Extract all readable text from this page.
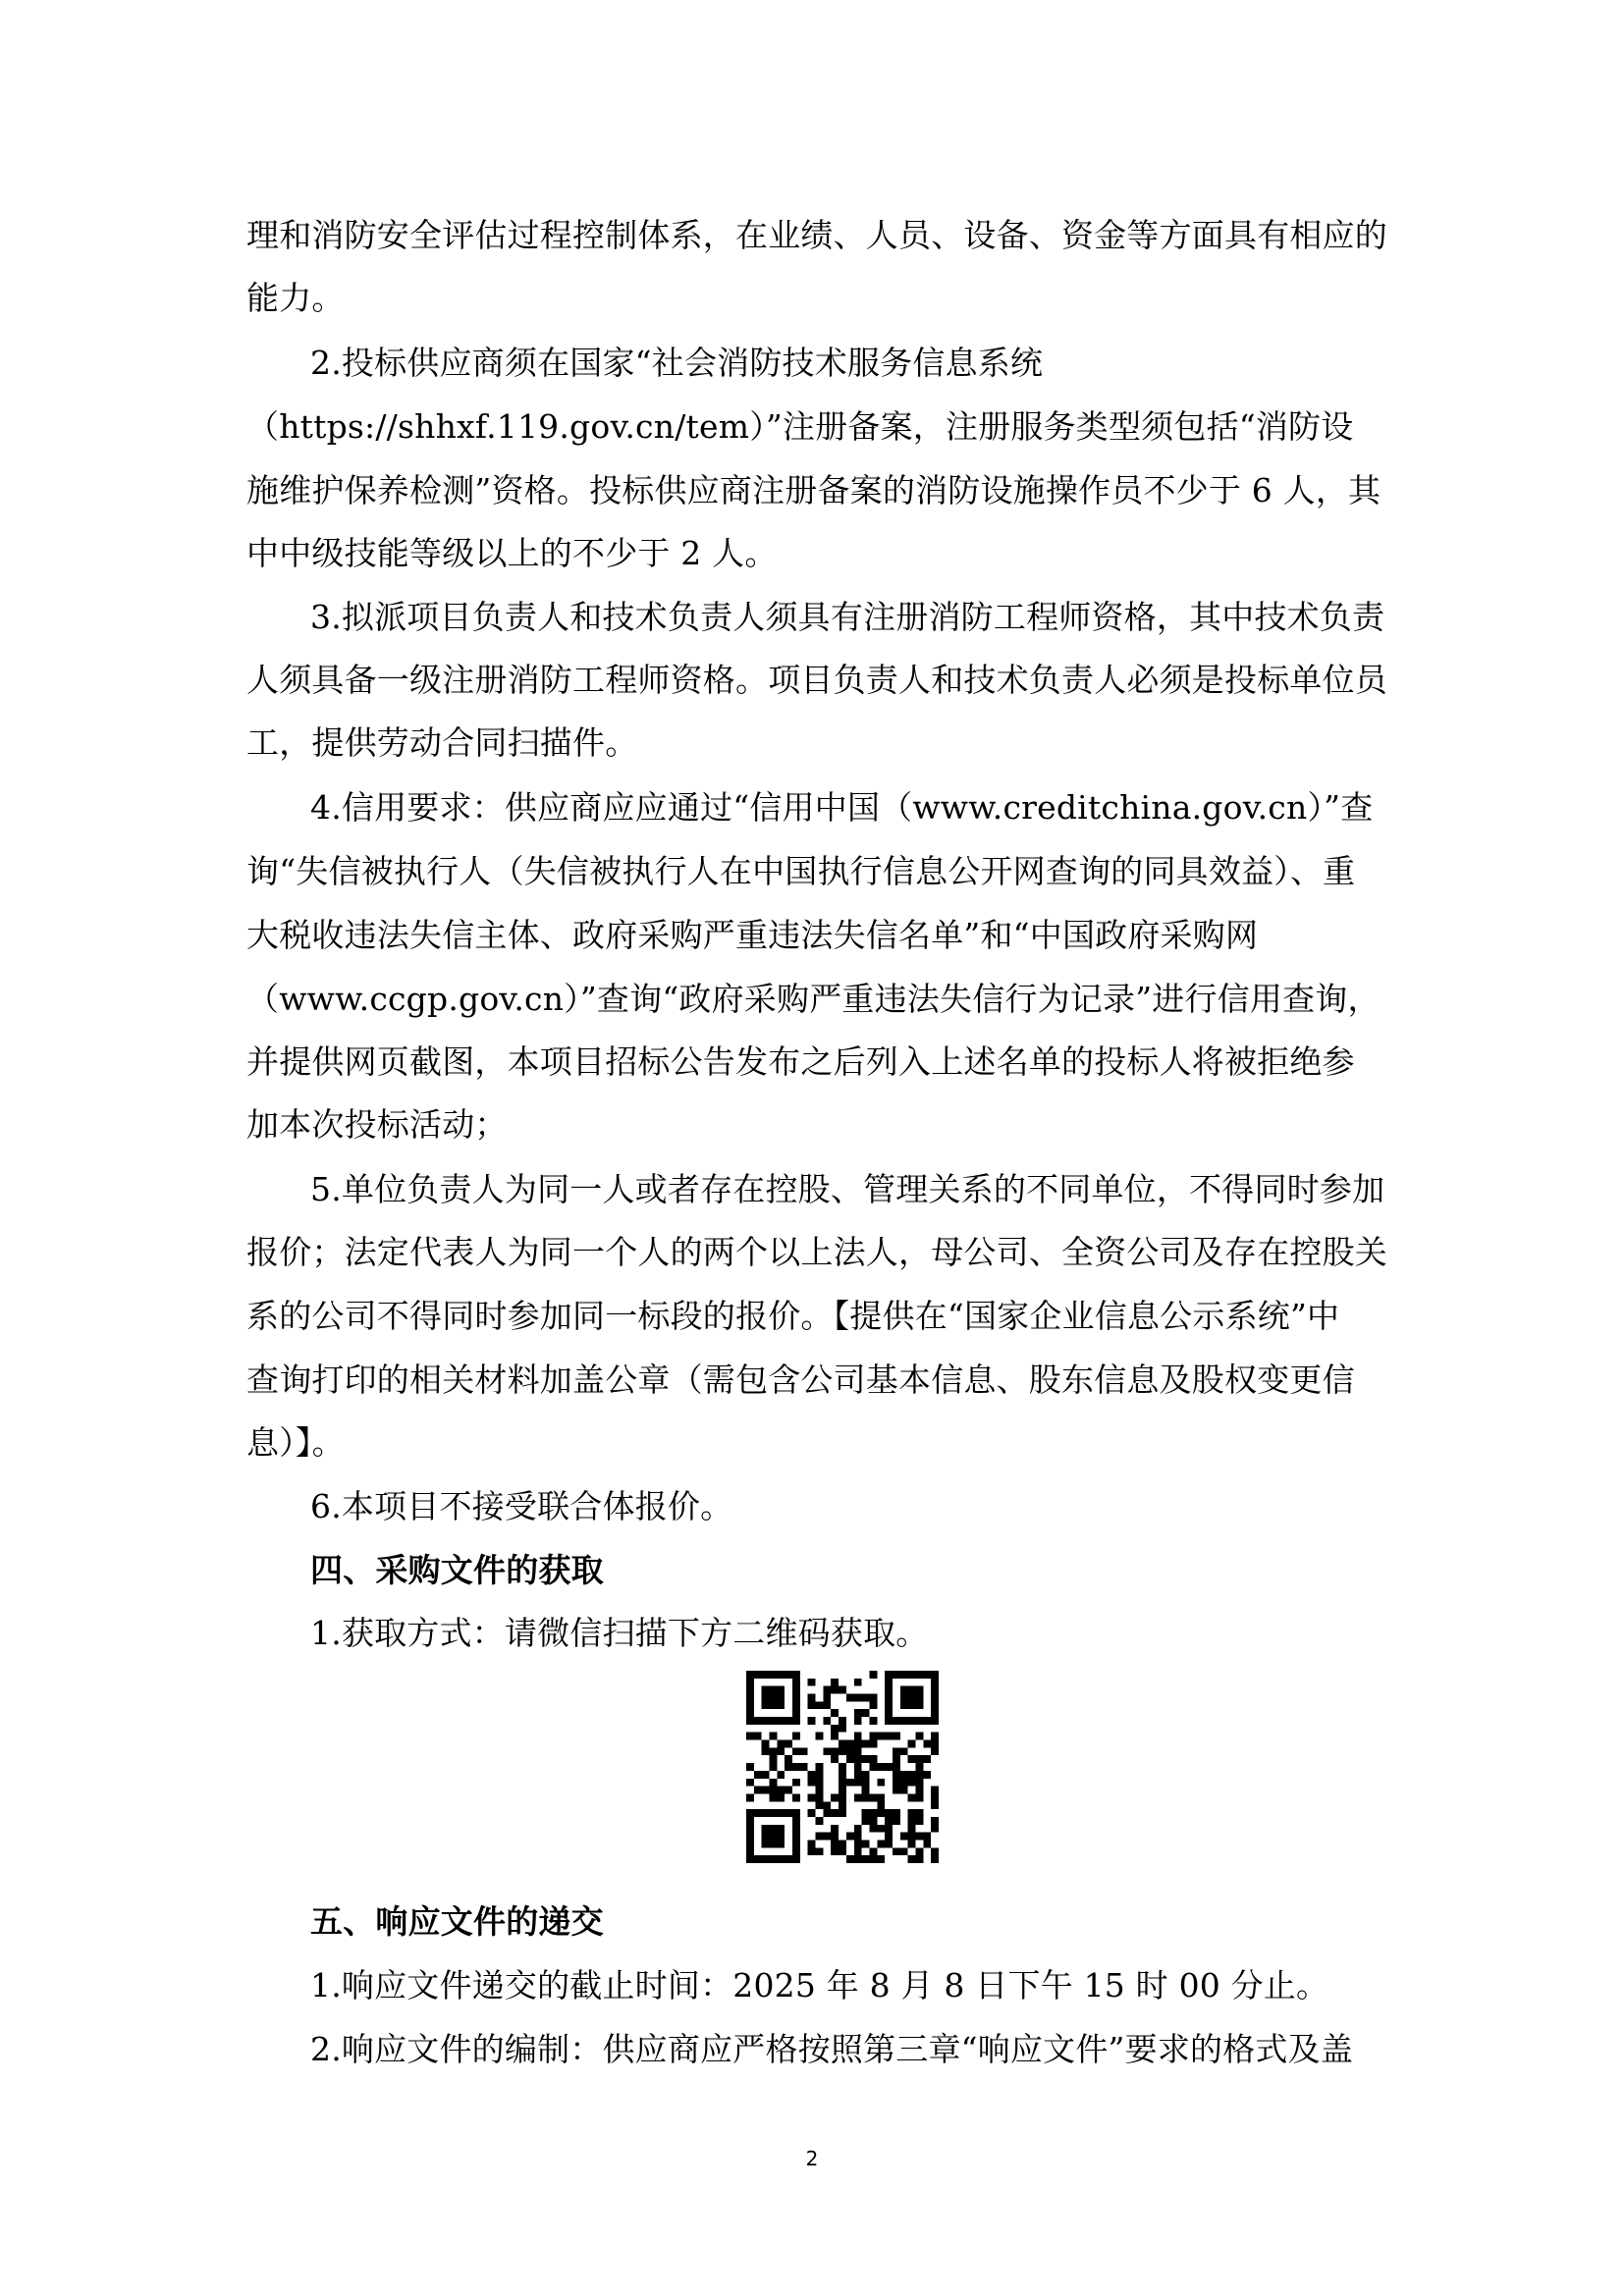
理和消防安全评估过程控制体系，在业绩、人员、设备、资金等方面具有相应的
能力。
2.投标供应商须在国家“社会消防技术服务信息系统
（https://shhxf.119.gov.cn/tem）”注册备案，注册服务类型须包括“消防设
施维护保养检测”资格。投标供应商注册备案的消防设施操作员不少于 6 人，其
中中级技能等级以上的不少于 2 人。
3.拟派项目负责人和技术负责人须具有注册消防工程师资格，其中技术负责
人须具备一级注册消防工程师资格。项目负责人和技术负责人必须是投标单位员
工，提供劳动合同扫描件。
4.信用要求：供应商应应通过“信用中国（www.creditchina.gov.cn）”查
询“失信被执行人（失信被执行人在中国执行信息公开网查询的同具效益）、重
大税收违法失信主体、政府采购严重违法失信名单”和“中国政府采购网
（www.ccgp.gov.cn）”查询“政府采购严重违法失信行为记录”进行信用查询，
并提供网页截图，本项目招标公告发布之后列入上述名单的投标人将被拒绝参
加本次投标活动；
5.单位负责人为同一人或者存在控股、管理关系的不同单位，不得同时参加
报价；法定代表人为同一个人的两个以上法人，母公司、全资公司及存在控股关
系的公司不得同时参加同一标段的报价。【提供在“国家企业信息公示系统”中
查询打印的相关材料加盖公章（需包含公司基本信息、股东信息及股权变更信
息）】。
6.本项目不接受联合体报价。
四、采购文件的获取
1.获取方式：请微信扫描下方二维码获取。
五、响应文件的递交
1.响应文件递交的截止时间：2025 年 8 月 8 日下午 15 时 00 分止。
2.响应文件的编制：供应商应严格按照第三章“响应文件”要求的格式及盖
2
